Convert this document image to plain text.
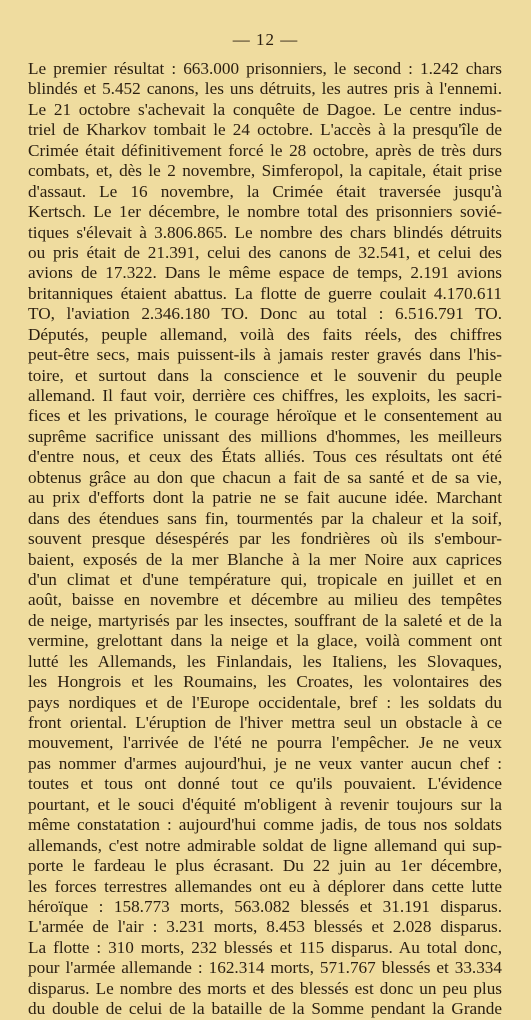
— 12 —
Le premier résultat : 663.000 prisonniers, le second : 1.242 chars
blindés et 5.452 canons, les uns détruits, les autres pris à l'ennemi.
Le 21 octobre s'achevait la conquête de Dagoe. Le centre indus-
triel de Kharkov tombait le 24 octobre. L'accès à la presqu'île de
Crimée était définitivement forcé le 28 octobre, après de très durs
combats, et, dès le 2 novembre, Simferopol, la capitale, était prise
d'assaut. Le 16 novembre, la Crimée était traversée jusqu'à
Kertsch. Le 1er décembre, le nombre total des prisonniers sovié-
tiques s'élevait à 3.806.865. Le nombre des chars blindés détruits
ou pris était de 21.391, celui des canons de 32.541, et celui des
avions de 17.322. Dans le même espace de temps, 2.191 avions
britanniques étaient abattus. La flotte de guerre coulait 4.170.611
TO, l'aviation 2.346.180 TO. Donc au total : 6.516.791 TO.
Députés, peuple allemand, voilà des faits réels, des chiffres
peut-être secs, mais puissent-ils à jamais rester gravés dans l'his-
toire, et surtout dans la conscience et le souvenir du peuple
allemand. Il faut voir, derrière ces chiffres, les exploits, les sacri-
fices et les privations, le courage héroïque et le consentement au
suprême sacrifice unissant des millions d'hommes, les meilleurs
d'entre nous, et ceux des États alliés. Tous ces résultats ont été
obtenus grâce au don que chacun a fait de sa santé et de sa vie,
au prix d'efforts dont la patrie ne se fait aucune idée. Marchant
dans des étendues sans fin, tourmentés par la chaleur et la soif,
souvent presque désespérés par les fondrières où ils s'embour-
baient, exposés de la mer Blanche à la mer Noire aux caprices
d'un climat et d'une température qui, tropicale en juillet et en
août, baisse en novembre et décembre au milieu des tempêtes
de neige, martyrisés par les insectes, souffrant de la saleté et de la
vermine, grelottant dans la neige et la glace, voilà comment ont
lutté les Allemands, les Finlandais, les Italiens, les Slovaques,
les Hongrois et les Roumains, les Croates, les volontaires des
pays nordiques et de l'Europe occidentale, bref : les soldats du
front oriental. L'éruption de l'hiver mettra seul un obstacle à ce
mouvement, l'arrivée de l'été ne pourra l'empêcher. Je ne veux
pas nommer d'armes aujourd'hui, je ne veux vanter aucun chef :
toutes et tous ont donné tout ce qu'ils pouvaient. L'évidence
pourtant, et le souci d'équité m'obligent à revenir toujours sur la
même constatation : aujourd'hui comme jadis, de tous nos soldats
allemands, c'est notre admirable soldat de ligne allemand qui sup-
porte le fardeau le plus écrasant. Du 22 juin au 1er décembre,
les forces terrestres allemandes ont eu à déplorer dans cette lutte
héroïque : 158.773 morts, 563.082 blessés et 31.191 disparus.
L'armée de l'air : 3.231 morts, 8.453 blessés et 2.028 disparus.
La flotte : 310 morts, 232 blessés et 115 disparus. Au total donc,
pour l'armée allemande : 162.314 morts, 571.767 blessés et 33.334
disparus. Le nombre des morts et des blessés est donc un peu plus
du double de celui de la bataille de la Somme pendant la Grande
